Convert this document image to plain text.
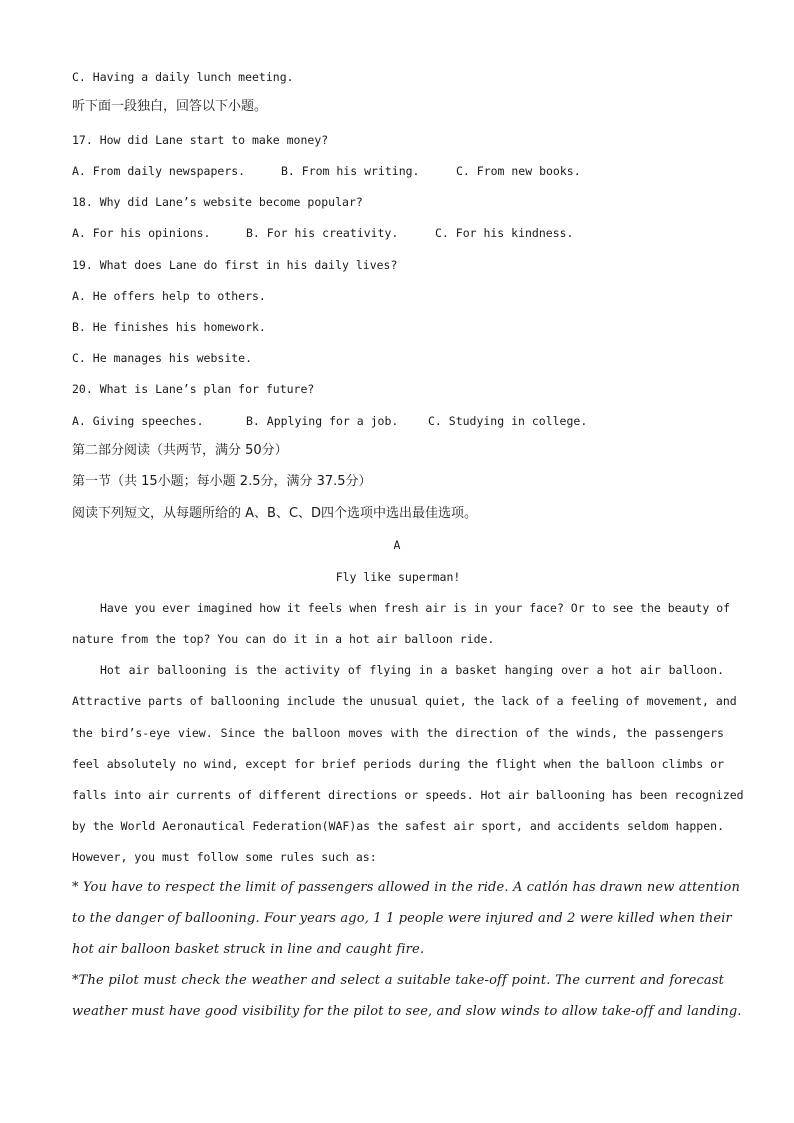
C. Having a daily lunch meeting.
听下面一段独白，回答以下小题。
17. How did Lane start to make money?
A. From daily newspapers.	B. From his writing.	C. From new books.
18. Why did Lane’s website become popular?
A. For his opinions.	B. For his creativity.	C. For his kindness.
19. What does Lane do first in his daily lives?
A. He offers help to others.
B. He finishes his homework.
C. He manages his website.
20. What is Lane’s plan for future?
A. Giving speeches.	B. Applying for a job.	C. Studying in college.
第二部分阅读（共两节，满分 50分）
第一节（共 15小题；每小题 2.5分，满分 37.5分）
阅读下列短文，从每题所给的 A、B、C、D四个选项中选出最佳选项。
A
Fly like superman!
Have you ever imagined how it feels when fresh air is in your face? Or to see the beauty of
nature from the top? You can do it in a hot air balloon ride.
Hot air ballooning is the activity of flying in a basket hanging over a hot air balloon.
Attractive parts of ballooning include the unusual quiet, the lack of a feeling of movement, and
the bird’s-eye view. Since the balloon moves with the direction of the winds, the passengers
feel absolutely no wind, except for brief periods during the flight when the balloon climbs or
falls into air currents of different directions or speeds. Hot air ballooning has been recognized
by the World Aeronautical Federation(WAF)as the safest air sport, and accidents seldom happen.
However, you must follow some rules such as:
* You have to respect the limit of passengers allowed in the ride. A catlón has drawn new attention
to the danger of ballooning. Four years ago, 1 1 people were injured and 2 were killed when their
hot air balloon basket struck in line and caught fire.
*The pilot must check the weather and select a suitable take-off point. The current and forecast
weather must have good visibility for the pilot to see, and slow winds to allow take-off and landing.
